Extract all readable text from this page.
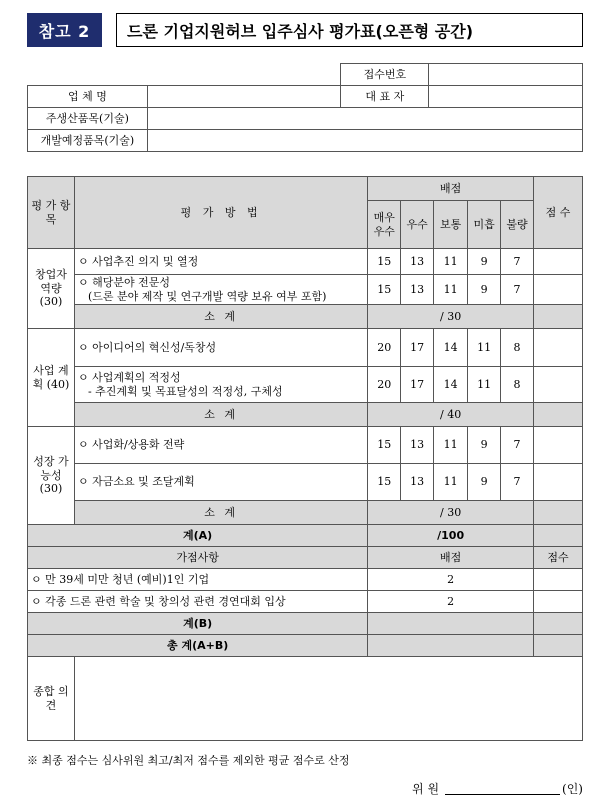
참고 2	드론 기업지원허브 입주심사 평가표(오픈형 공간)
		접수번호	
업 체 명		대 표 자	
주생산품목(기술)			
개발예정품목(기술)			
평 가 항 목	평 가 방 법	배점					점 수
		매우 우수	우수	보통	미흡	불량	
창업자 역량 (30)	ㅇ 사업추진 의지 및 열정	15	13	11	9	7	

	ㅇ 해당분야 전문성
(드론 분야 제작 및 연구개발 역량 보유 여부 포함)	15	13	11	9	7	
	소 계	/ 30					
사업 계획 (40)	ㅇ 아이디어의 혁신성/독창성	20	17	14	11	8	

	ㅇ 사업계획의 적정성
- 추진계획 및 목표달성의 적정성, 구체성	20	17	14	11	8	
	소 계	/ 40					
성장 가능성 (30)	ㅇ 사업화/상용화 전략	15	13	11	9	7	
	ㅇ 자금소요 및 조달계획	15	13	11	9	7	
	소 계	/ 30					
계(A)		/100					
가점사항		배점					점수
ㅇ 만 39세 미만 청년 (예비)1인 기업		2					
ㅇ 각종 드론 관련 학술 및 창의성 관련 경연대회 입상		2					
계(B)							
총 계(A+B)							
종합 의견	
※ 최종 점수는 심사위원 최고/최저 점수를 제외한 평균 점수로 산정
위 원	(인)
